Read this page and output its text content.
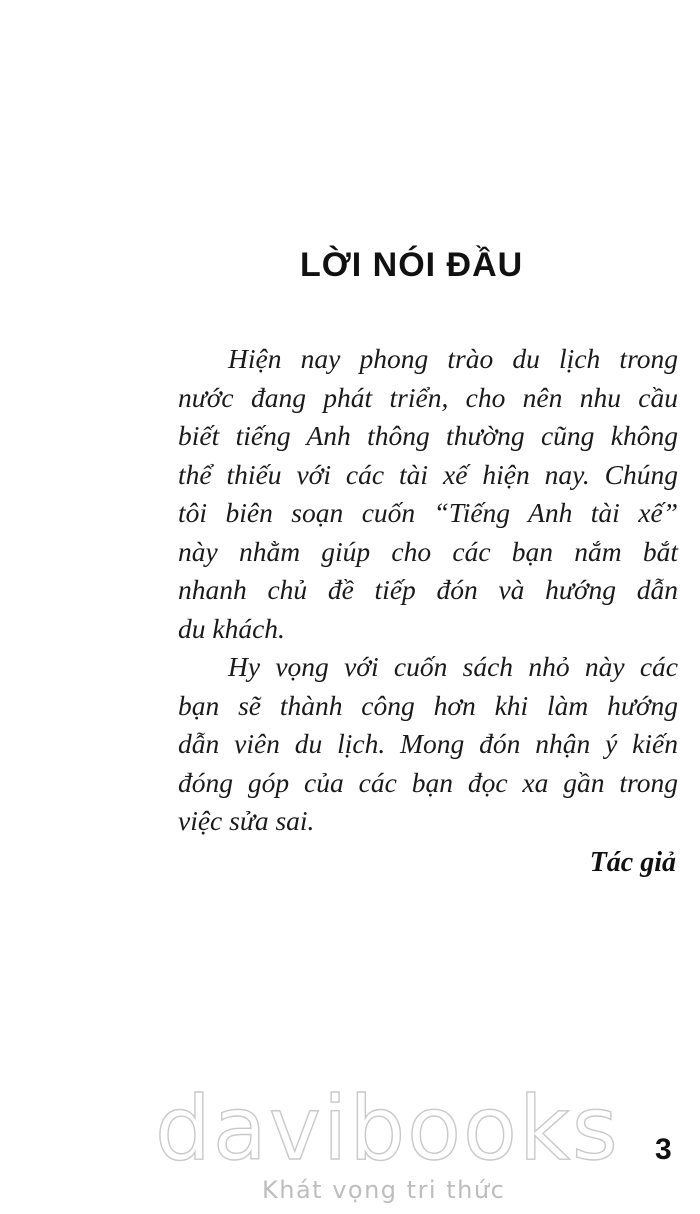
LỜI NÓI ĐẦU
Hiện nay phong trào du lịch trong
nước đang phát triển, cho nên nhu cầu
biết tiếng Anh thông thường cũng không
thể thiếu với các tài xế hiện nay. Chúng
tôi biên soạn cuốn “Tiếng Anh tài xế”
này nhằm giúp cho các bạn nắm bắt
nhanh chủ đề tiếp đón và hướng dẫn
du khách.
Hy vọng với cuốn sách nhỏ này các
bạn sẽ thành công hơn khi làm hướng
dẫn viên du lịch. Mong đón nhận ý kiến
đóng góp của các bạn đọc xa gần trong
việc sửa sai.
Tác giả
davibooks
Khát vọng tri thức
3
